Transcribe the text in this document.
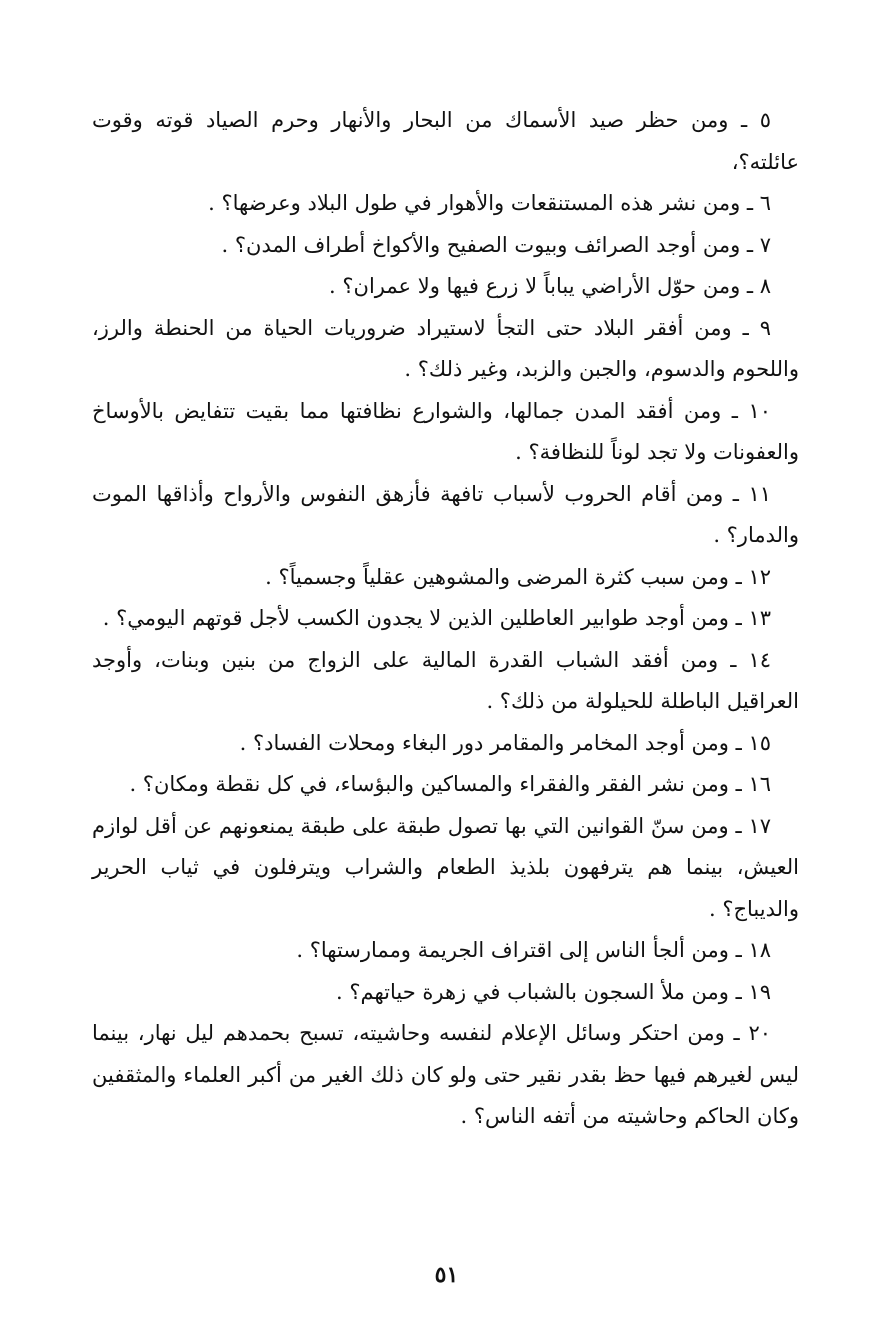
٥ ـ ومن حظر صيد الأسماك من البحار والأنهار وحرم الصياد قوته وقوت عائلته؟،

٦ ـ ومن نشر هذه المستنقعات والأهوار في طول البلاد وعرضها؟ .

٧ ـ ومن أوجد الصرائف وبيوت الصفيح والأكواخ أطراف المدن؟ .

٨ ـ ومن حوّل الأراضي يباباً لا زرع فيها ولا عمران؟ .

٩ ـ ومن أفقر البلاد حتى التجأ لاستيراد ضروريات الحياة من الحنطة والرز، واللحوم والدسوم، والجبن والزبد، وغير ذلك؟ .

١٠ ـ ومن أفقد المدن جمالها، والشوارع نظافتها مما بقيت تتفايض بالأوساخ والعفونات ولا تجد لوناً للنظافة؟ .

١١ ـ ومن أقام الحروب لأسباب تافهة فأزهق النفوس والأرواح وأذاقها الموت والدمار؟ .

١٢ ـ ومن سبب كثرة المرضى والمشوهين عقلياً وجسمياً؟ .

١٣ ـ ومن أوجد طوابير العاطلين الذين لا يجدون الكسب لأجل قوتهم اليومي؟ .

١٤ ـ ومن أفقد الشباب القدرة المالية على الزواج من بنين وبنات، وأوجد العراقيل الباطلة للحيلولة من ذلك؟ .

١٥ ـ ومن أوجد المخامر والمقامر دور البغاء ومحلات الفساد؟ .

١٦ ـ ومن نشر الفقر والفقراء والمساكين والبؤساء، في كل نقطة ومكان؟ .

١٧ ـ ومن سنّ القوانين التي بها تصول طبقة على طبقة يمنعونهم عن أقل لوازم العيش، بينما هم يترفهون بلذيذ الطعام والشراب ويترفلون في ثياب الحرير والديباج؟ .

١٨ ـ ومن ألجأ الناس إلى اقتراف الجريمة وممارستها؟ .

١٩ ـ ومن ملأ السجون بالشباب في زهرة حياتهم؟ .

٢٠ ـ ومن احتكر وسائل الإعلام لنفسه وحاشيته، تسبح بحمدهم ليل نهار، بينما ليس لغيرهم فيها حظ بقدر نقير حتى ولو كان ذلك الغير من أكبر العلماء والمثقفين وكان الحاكم وحاشيته من أتفه الناس؟ .

٥١
